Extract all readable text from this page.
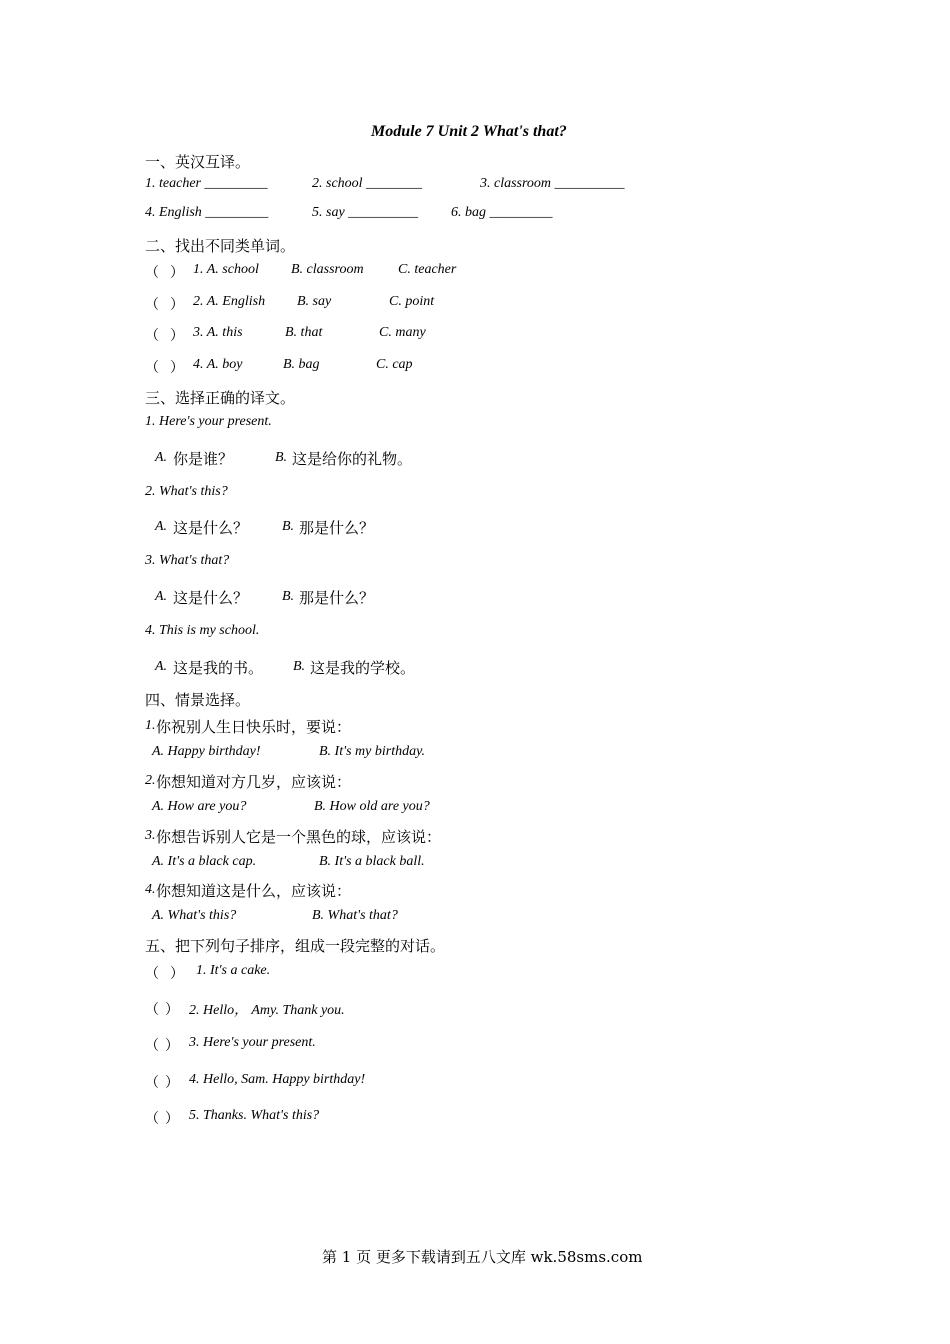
Module 7 Unit 2 What's that?
一、英汉互译。
1. teacher _________	2. school ________	3. classroom __________
4. English _________	5. say __________ 6. bag _________
二、找出不同类单词。
（ ） 1. A. school B. classroom C. teacher
（ ） 2. A. English B. say	C. point
（ ） 3. A. this	B. that	C. many
（ ） 4. A. boy	B. bag	C. cap
三、选择正确的译文。
1. Here's your present.
A. 你是谁？	B. 这是给你的礼物。
2. What's this?
A. 这是什么？ B. 那是什么？
3. What's that?
A. 这是什么？ B. 那是什么？
4. This is my school.
A. 这是我的书。 B. 这是我的学校。
四、情景选择。
1. 你祝别人生日快乐时，要说：
A. Happy birthday!	B. It's my birthday.
2. 你想知道对方几岁，应该说：
A. How are you?	B. How old are you?
3. 你想告诉别人它是一个黑色的球，应该说：
A. It's a black cap.	B. It's a black ball.
4. 你想知道这是什么，应该说：
A. What's this?	B. What's that?
五、把下列句子排序，组成一段完整的对话。
（ ） 1. It's a cake.
（ ） 2. Hello， Amy. Thank you.
（ ） 3. Here's your present.
（ ） 4. Hello, Sam. Happy birthday!
（ ） 5. Thanks. What's this?
第 1 页 更多下载请到五八文库 wk.58sms.com
